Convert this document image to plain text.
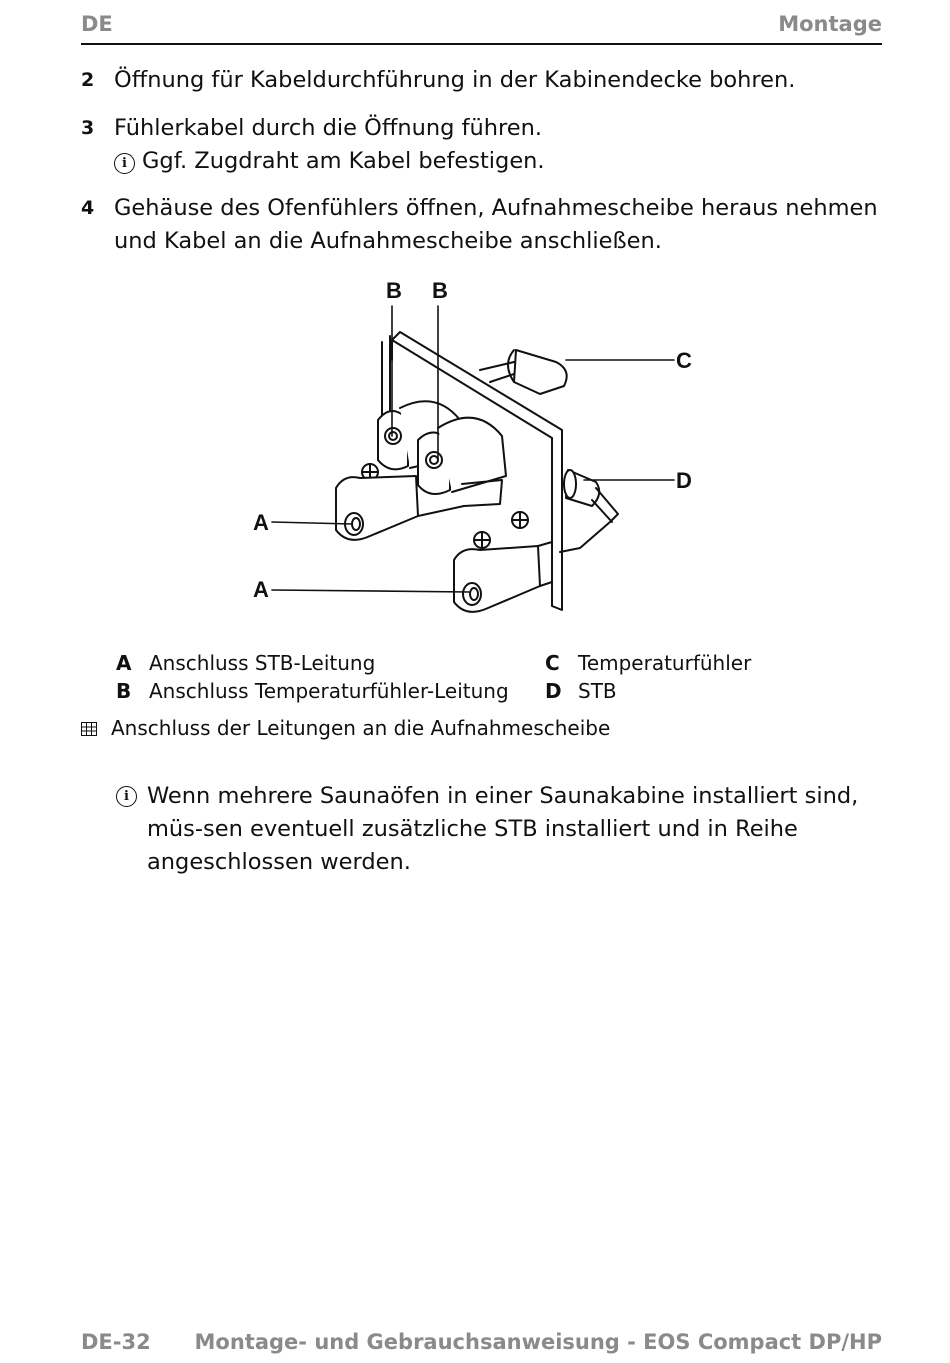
DE	Montage
2 Öffnung für Kabeldurchführung in der Kabinendecke bohren.
3 Fühlerkabel durch die Öffnung führen.
i Ggf. Zugdraht am Kabel befestigen.
4 Gehäuse des Ofenfühlers öffnen, Aufnahmescheibe heraus nehmen und Kabel an die Aufnahmescheibe anschließen.
B B
C
D
A
A
A Anschluss STB-Leitung
B Anschluss Temperaturfühler-Leitung
C Temperaturfühler
D STB
Anschluss der Leitungen an die Aufnahmescheibe
i Wenn mehrere Saunaöfen in einer Saunakabine installiert sind, müs-sen eventuell zusätzliche STB installiert und in Reihe angeschlossen werden.
DE-32 Montage- und Gebrauchsanweisung - EOS Compact DP/HP
